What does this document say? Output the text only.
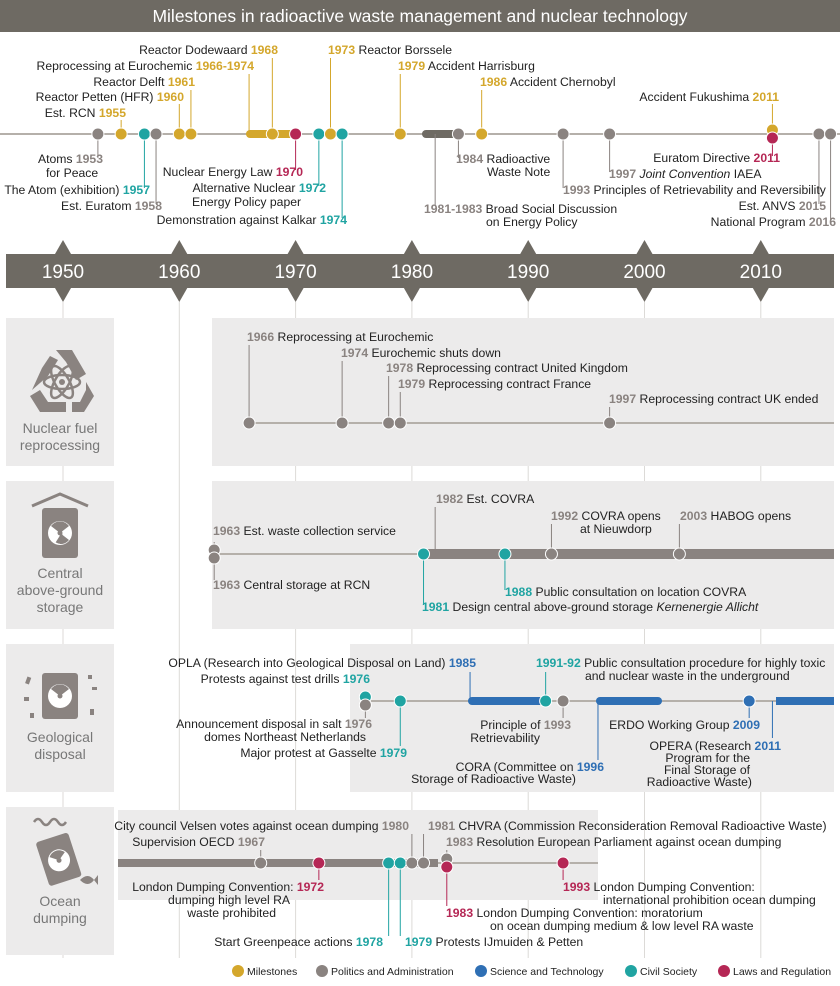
Milestones in radioactive waste management and nuclear technology
Reactor Dodewaard 1968
Reprocessing at Eurochemic 1966-1974
Reactor Delft 1961
Reactor Petten (HFR) 1960
Est. RCN 1955
1973 Reactor Borssele
1979 Accident Harrisburg
1986 Accident Chernobyl
Accident Fukushima 2011
Atoms 1953
for Peace
The Atom (exhibition) 1957
Est. Euratom 1958
Nuclear Energy Law 1970
Alternative Nuclear 1972
Energy Policy paper
Demonstration against Kalkar 1974
1984 Radioactive
Waste Note
1981-1983 Broad Social Discussion
on Energy Policy
Euratom Directive 2011
1997 Joint Convention IAEA
1993 Principles of Retrievability and Reversibility
Est. ANVS 2015
National Program 2016
1950	1960	1970	1980	1990	2000	2010
Nuclear fuel
reprocessing
Central
above-ground
storage
Geological
disposal
Ocean
dumping
1966 Reprocessing at Eurochemic
1974 Eurochemic shuts down
1978 Reprocessing contract United Kingdom
1979 Reprocessing contract France
1997 Reprocessing contract UK ended
1963 Est. waste collection service
1963 Central storage at RCN
1982 Est. COVRA
1992 COVRA opens
at Nieuwdorp
2003 HABOG opens
1988 Public consultation on location COVRA
1981 Design central above-ground storage Kernenergie Allicht
OPLA (Research into Geological Disposal on Land) 1985
Protests against test drills 1976
1991-92 Public consultation procedure for highly toxic
and nuclear waste in the underground
Announcement disposal in salt 1976
domes Northeast Netherlands
Major protest at Gasselte 1979
Principle of 1993
Retrievability
ERDO Working Group 2009
CORA (Committee on 1996
Storage of Radioactive Waste)
OPERA (Research 2011
Program for the
Final Storage of
Radioactive Waste)
City council Velsen votes against ocean dumping 1980 1981 CHVRA (Commission Reconsideration Removal Radioactive Waste)
Supervision OECD 1967	1983 Resolution European Parliament against ocean dumping
London Dumping Convention: 1972
dumping high level RA
waste prohibited
1993 London Dumping Convention:
international prohibition ocean dumping
1983 London Dumping Convention: moratorium
on ocean dumping medium & low level RA waste
Start Greenpeace actions 1978 1979 Protests IJmuiden & Petten
Milestones	Politics and Administration	Science and Technology	Civil Society	Laws and Regulation
